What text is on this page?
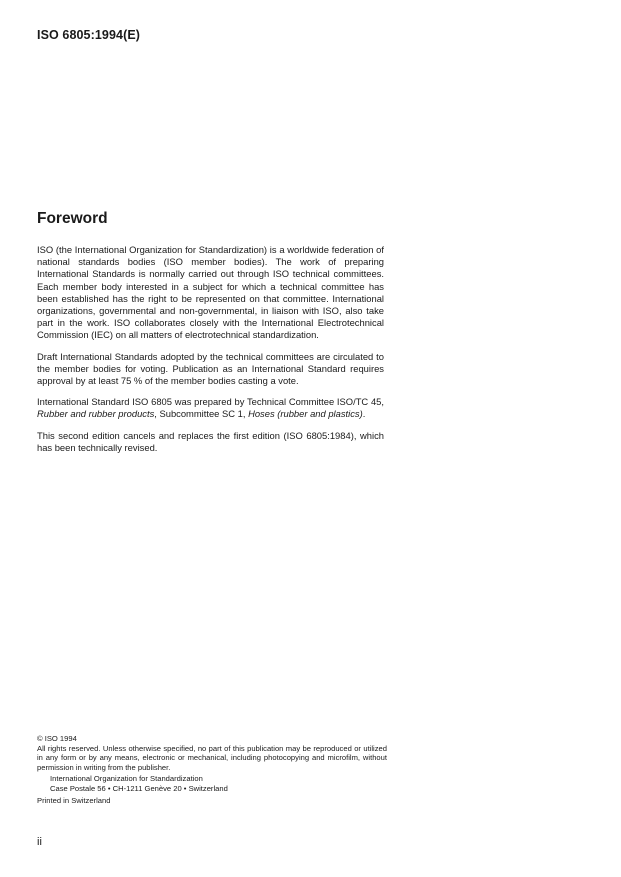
ISO 6805:1994(E)
Foreword

ISO (the International Organization for Standardization) is a worldwide federation of national standards bodies (ISO member bodies). The work of preparing International Standards is normally carried out through ISO technical committees. Each member body interested in a subject for which a technical committee has been established has the right to be represented on that committee. International organizations, governmental and non-governmental, in liaison with ISO, also take part in the work. ISO collaborates closely with the International Electrotechnical Commission (IEC) on all matters of electrotechnical standardization.

Draft International Standards adopted by the technical committees are circulated to the member bodies for voting. Publication as an International Standard requires approval by at least 75 % of the member bodies casting a vote.

International Standard ISO 6805 was prepared by Technical Committee ISO/TC 45, Rubber and rubber products, Subcommittee SC 1, Hoses (rubber and plastics).

This second edition cancels and replaces the first edition (ISO 6805:1984), which has been technically revised.

© ISO 1994

All rights reserved. Unless otherwise specified, no part of this publication may be reproduced or utilized in any form or by any means, electronic or mechanical, including photocopying and microfilm, without permission in writing from the publisher.

International Organization for Standardization
Case Postale 56 • CH-1211 Genève 20 • Switzerland
Printed in Switzerland
ii
